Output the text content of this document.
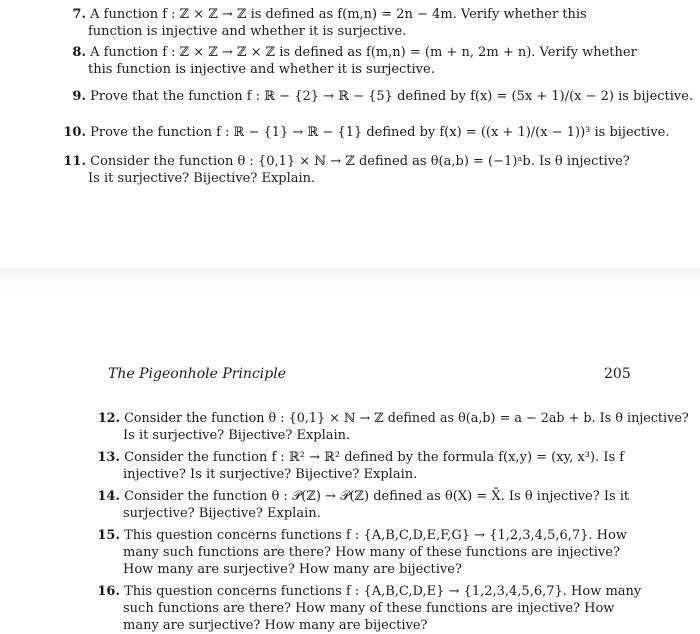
7. A function f : ℤ × ℤ → ℤ is defined as f(m,n) = 2n − 4m. Verify whether this
function is injective and whether it is surjective.
8. A function f : ℤ × ℤ → ℤ × ℤ is defined as f(m,n) = (m + n, 2m + n). Verify whether
this function is injective and whether it is surjective.
9. Prove that the function f : ℝ − {2} → ℝ − {5} defined by f(x) = (5x + 1)/(x − 2) is bijective.
10. Prove the function f : ℝ − {1} → ℝ − {1} defined by f(x) = ((x + 1)/(x − 1))³ is bijective.
11. Consider the function θ : {0,1} × ℕ → ℤ defined as θ(a,b) = (−1)ᵃb. Is θ injective?
Is it surjective? Bijective? Explain.
The Pigeonhole Principle	205
12. Consider the function θ : {0,1} × ℕ → ℤ defined as θ(a,b) = a − 2ab + b. Is θ injective?
Is it surjective? Bijective? Explain.
13. Consider the function f : ℝ² → ℝ² defined by the formula f(x,y) = (xy, x³). Is f
injective? Is it surjective? Bijective? Explain.
14. Consider the function θ : 𝒫(ℤ) → 𝒫(ℤ) defined as θ(X) = X̄. Is θ injective? Is it
surjective? Bijective? Explain.
15. This question concerns functions f : {A,B,C,D,E,F,G} → {1,2,3,4,5,6,7}. How
many such functions are there? How many of these functions are injective?
How many are surjective? How many are bijective?
16. This question concerns functions f : {A,B,C,D,E} → {1,2,3,4,5,6,7}. How many
such functions are there? How many of these functions are injective? How
many are surjective? How many are bijective?
